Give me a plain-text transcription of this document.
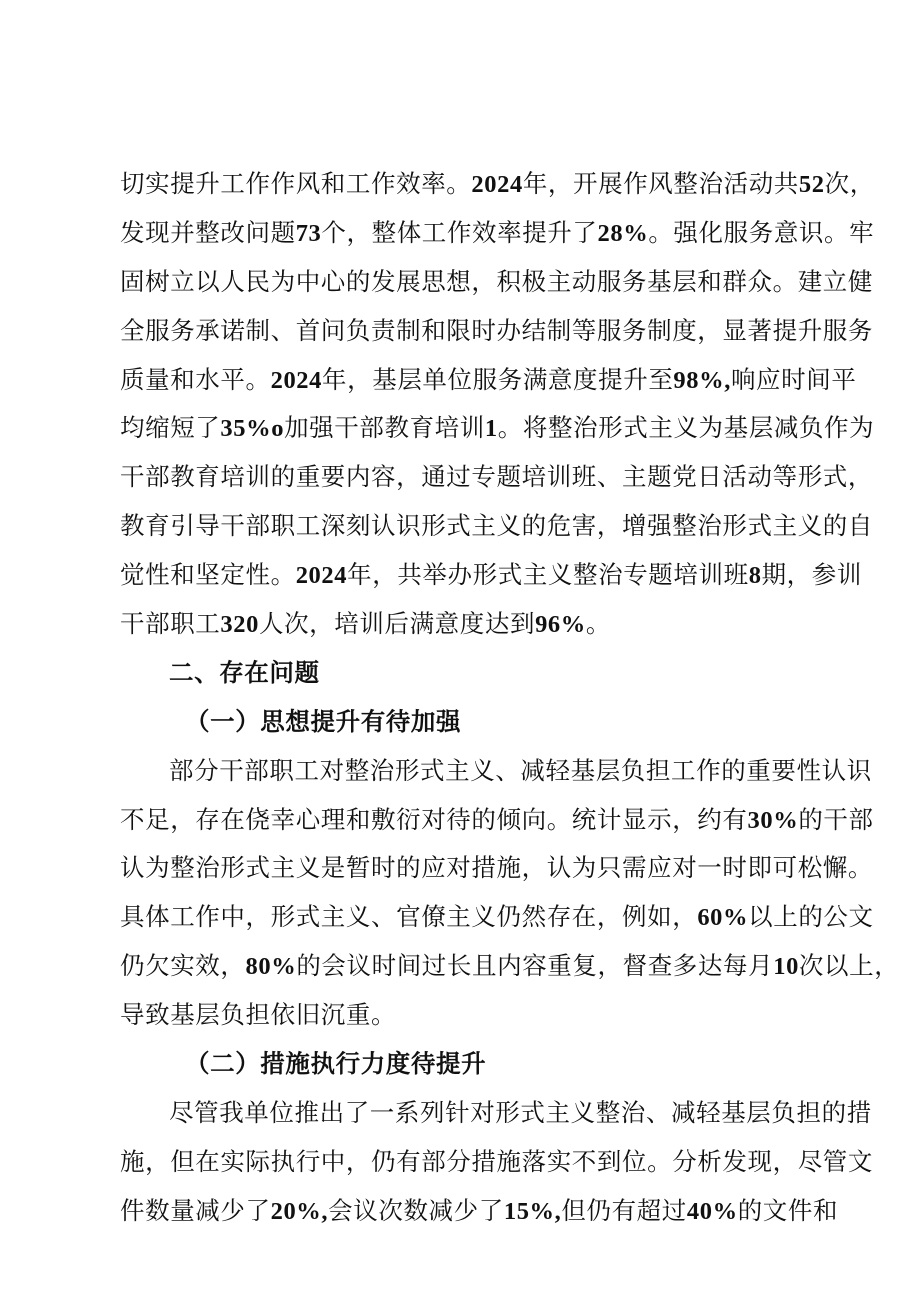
切实提升工作作风和工作效率。2024年，开展作风整治活动共52次，
发现并整改问题73个，整体工作效率提升了28%。强化服务意识。牢
固树立以人民为中心的发展思想，积极主动服务基层和群众。建立健
全服务承诺制、首问负责制和限时办结制等服务制度，显著提升服务
质量和水平。2024年，基层单位服务满意度提升至98%,响应时间平
均缩短了35%o加强干部教育培训1。将整治形式主义为基层减负作为
干部教育培训的重要内容，通过专题培训班、主题党日活动等形式，
教育引导干部职工深刻认识形式主义的危害，增强整治形式主义的自
觉性和坚定性。2024年，共举办形式主义整治专题培训班8期，参训
干部职工320人次，培训后满意度达到96%。
二、存在问题
（一）思想提升有待加强
部分干部职工对整治形式主义、减轻基层负担工作的重要性认识
不足，存在侥幸心理和敷衍对待的倾向。统计显示，约有30%的干部
认为整治形式主义是暂时的应对措施，认为只需应对一时即可松懈。
具体工作中，形式主义、官僚主义仍然存在，例如，60%以上的公文
仍欠实效，80%的会议时间过长且内容重复，督查多达每月10次以上，
导致基层负担依旧沉重。
（二）措施执行力度待提升
尽管我单位推出了一系列针对形式主义整治、减轻基层负担的措
施，但在实际执行中，仍有部分措施落实不到位。分析发现，尽管文
件数量减少了20%,会议次数减少了15%,但仍有超过40%的文件和
